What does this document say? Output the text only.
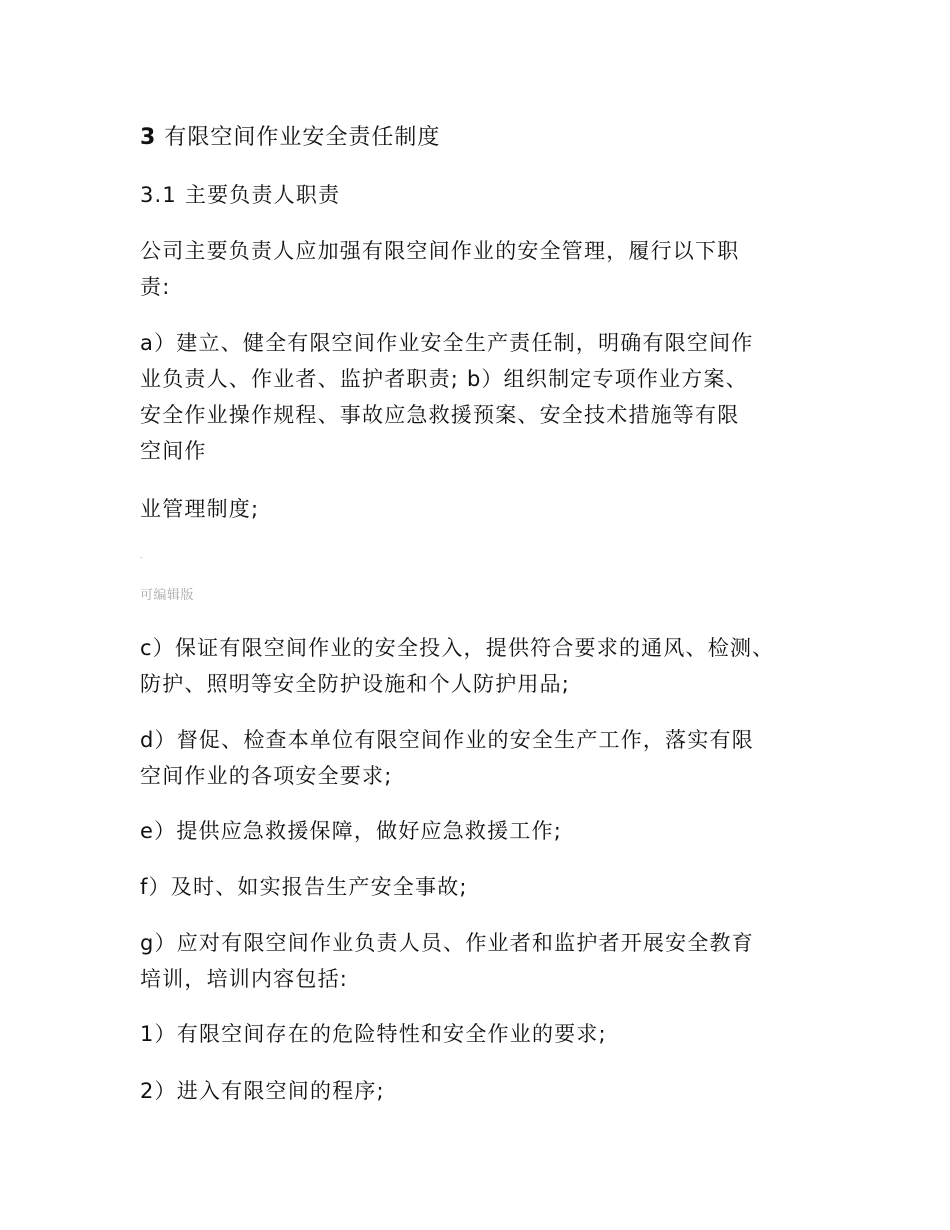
3 有限空间作业安全责任制度
3.1 主要负责人职责
公司主要负责人应加强有限空间作业的安全管理，履行以下职
责:
a）建立、健全有限空间作业安全生产责任制，明确有限空间作
业负责人、作业者、监护者职责; b）组织制定专项作业方案、
安全作业操作规程、事故应急救援预案、安全技术措施等有限
空间作
业管理制度;
.
可编辑版
c）保证有限空间作业的安全投入，提供符合要求的通风、检测、
防护、照明等安全防护设施和个人防护用品;
d）督促、检查本单位有限空间作业的安全生产工作，落实有限
空间作业的各项安全要求;
e）提供应急救援保障，做好应急救援工作;
f）及时、如实报告生产安全事故;
g）应对有限空间作业负责人员、作业者和监护者开展安全教育
培训，培训内容包括:
1）有限空间存在的危险特性和安全作业的要求;
2）进入有限空间的程序;
